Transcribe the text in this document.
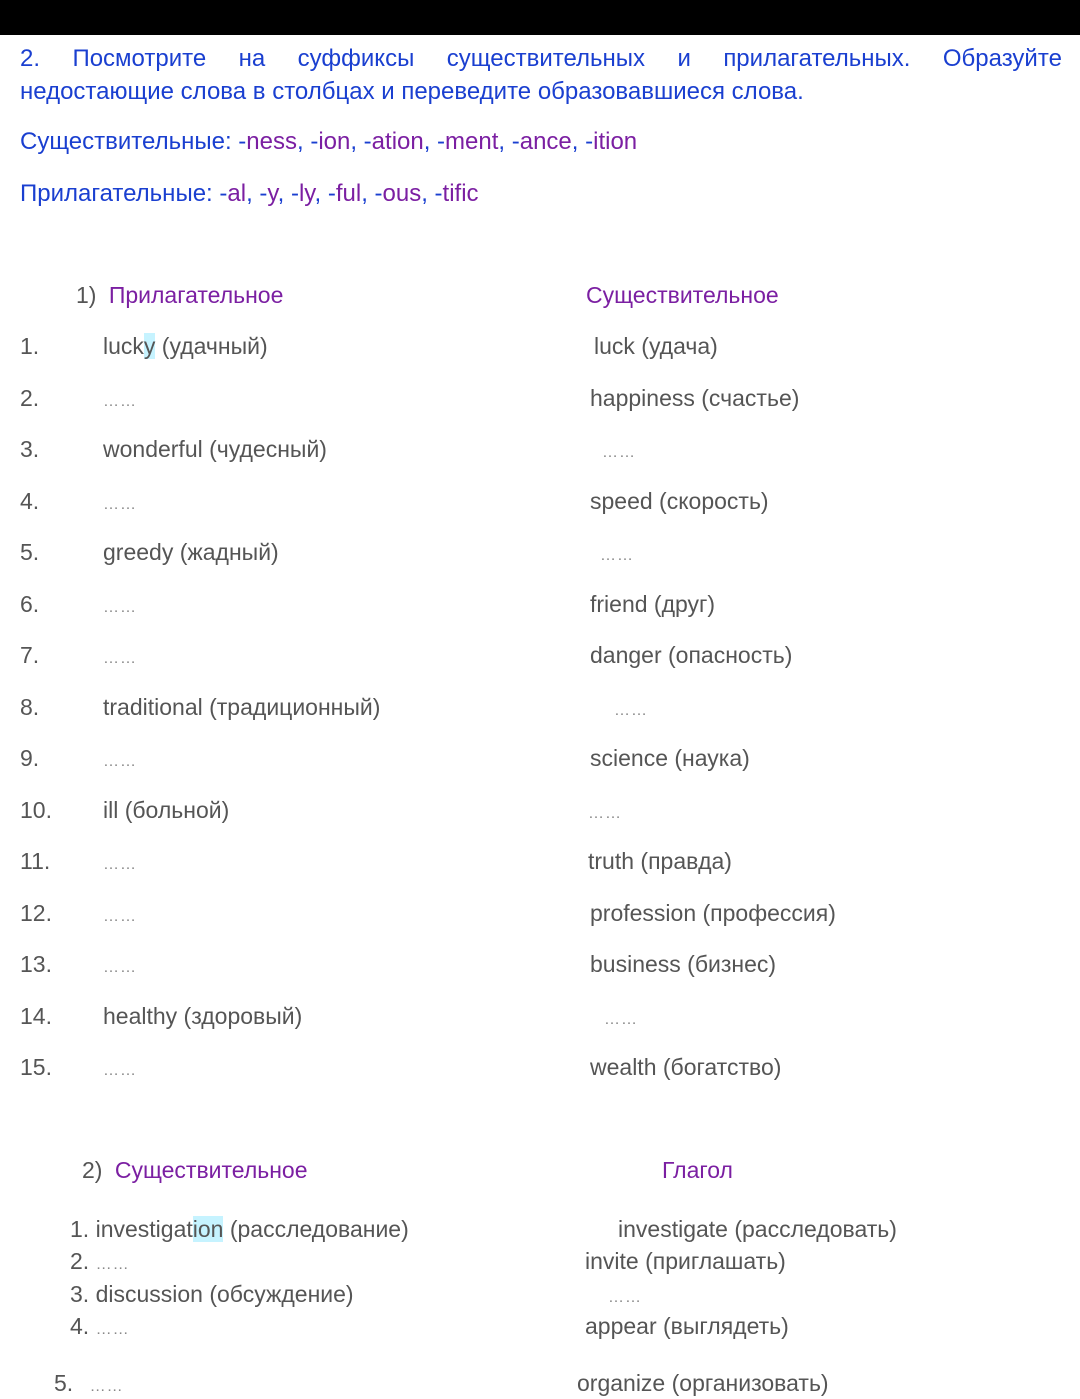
2. Посмотрите на суффиксы существительных и прилагательных. Образуйте
недостающие слова в столбцах и переведите образовавшиеся слова.
Существительные: -ness, -ion, -ation, -ment, -ance, -ition
Прилагательные: -al, -y, -ly, -ful, -ous, -tific
1) Прилагательное	Существительное
1.	lucky (удачный)	luck (удача)
2.	……	happiness (счастье)
3.	wonderful (чудесный)	……
4.	……	speed (скорость)
5.	greedy (жадный)	……
6.	……	friend (друг)
7.	……	danger (опасность)
8.	traditional (традиционный)	……
9.	……	science (наука)
10. ill (больной)	……
11.	……	truth (правда)
12.	……	profession (профессия)
13.	……	business (бизнес)
14. healthy (здоровый)	……
15.	……	wealth (богатство)
2) Существительное	Глагол
1. investigation (расследование)	investigate (расследовать)
2. ……	invite (приглашать)
3. discussion (обсуждение)	……
4. ……	appear (выглядеть)
5. ……	organize (организовать)
